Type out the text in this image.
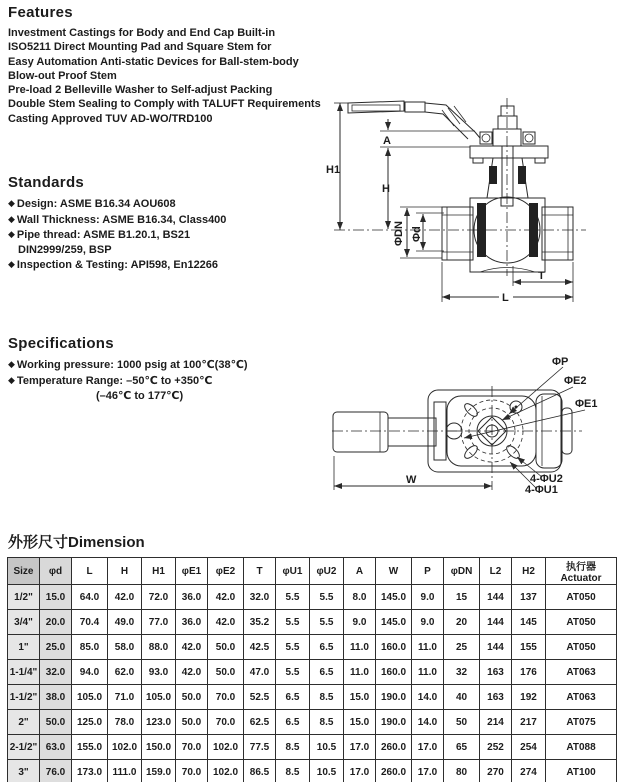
Features
Investment Castings for Body and End Cap Built-in
ISO5211 Direct Mounting Pad and Square Stem for
Easy Automation Anti-static Devices for Ball-stem-body
Blow-out Proof Stem
Pre-load 2 Belleville Washer to Self-adjust Packing
Double Stem Sealing to Comply with TALUFT Requirements
Casting Approved TUV AD-WO/TRD100
Standards
◆ Design: ASME B16.34 AOU608
◆ Wall Thickness: ASME B16.34, Class400
◆ Pipe thread: ASME B1.20.1, BS21
DIN2999/259, BSP
◆ Inspection & Testing: API598, En12266
Specifications
◆ Working pressure: 1000 psig at 100℃(38℃)
◆ Temperature Range: –50℃ to +350℃
(–46℃ to 177℃)
H1
A
H
ΦDN Φd
T
L
W
ΦP
ΦE2
ΦE1
4-ΦU2
4-ΦU1
外形尺寸Dimension
Size	φd	L	H	H1	φE1	φE2	T	φU1	φU2	A	W	P	φDN	L2	H2	执行器Actuator
1/2"	15.0	64.0	42.0	72.0	36.0	42.0	32.0	5.5	5.5	8.0	145.0	9.0	15	144	137	AT050
3/4"	20.0	70.4	49.0	77.0	36.0	42.0	35.2	5.5	5.5	9.0	145.0	9.0	20	144	145	AT050
1"	25.0	85.0	58.0	88.0	42.0	50.0	42.5	5.5	6.5	11.0	160.0	11.0	25	144	155	AT050
1-1/4"	32.0	94.0	62.0	93.0	42.0	50.0	47.0	5.5	6.5	11.0	160.0	11.0	32	163	176	AT063
1-1/2"	38.0	105.0	71.0	105.0	50.0	70.0	52.5	6.5	8.5	15.0	190.0	14.0	40	163	192	AT063
2"	50.0	125.0	78.0	123.0	50.0	70.0	62.5	6.5	8.5	15.0	190.0	14.0	50	214	217	AT075
2-1/2"	63.0	155.0	102.0	150.0	70.0	102.0	77.5	8.5	10.5	17.0	260.0	17.0	65	252	254	AT088
3"	76.0	173.0	111.0	159.0	70.0	102.0	86.5	8.5	10.5	17.0	260.0	17.0	80	270	274	AT100
